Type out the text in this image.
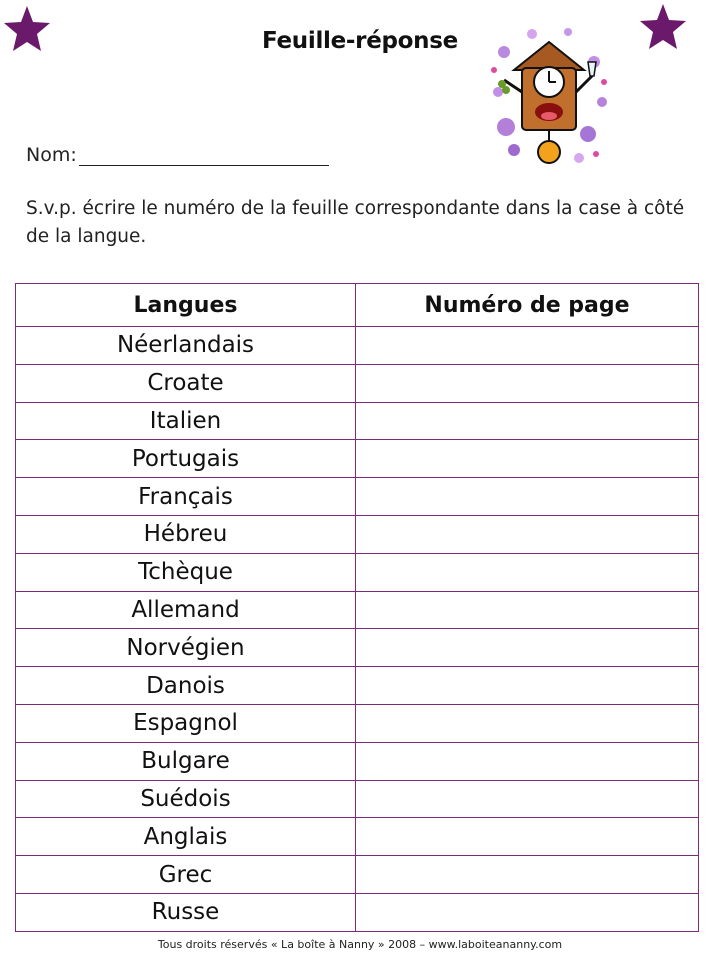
Feuille-réponse
Nom:
S.v.p. écrire le numéro de la feuille correspondante dans la case à côté de la langue.
Langues	Numéro de page
Néerlandais	
Croate	
Italien	
Portugais	
Français	
Hébreu	
Tchèque	
Allemand	
Norvégien	
Danois	
Espagnol	
Bulgare	
Suédois	
Anglais	
Grec	
Russe	
Tous droits réservés « La boîte à Nanny » 2008 – www.laboiteananny.com
